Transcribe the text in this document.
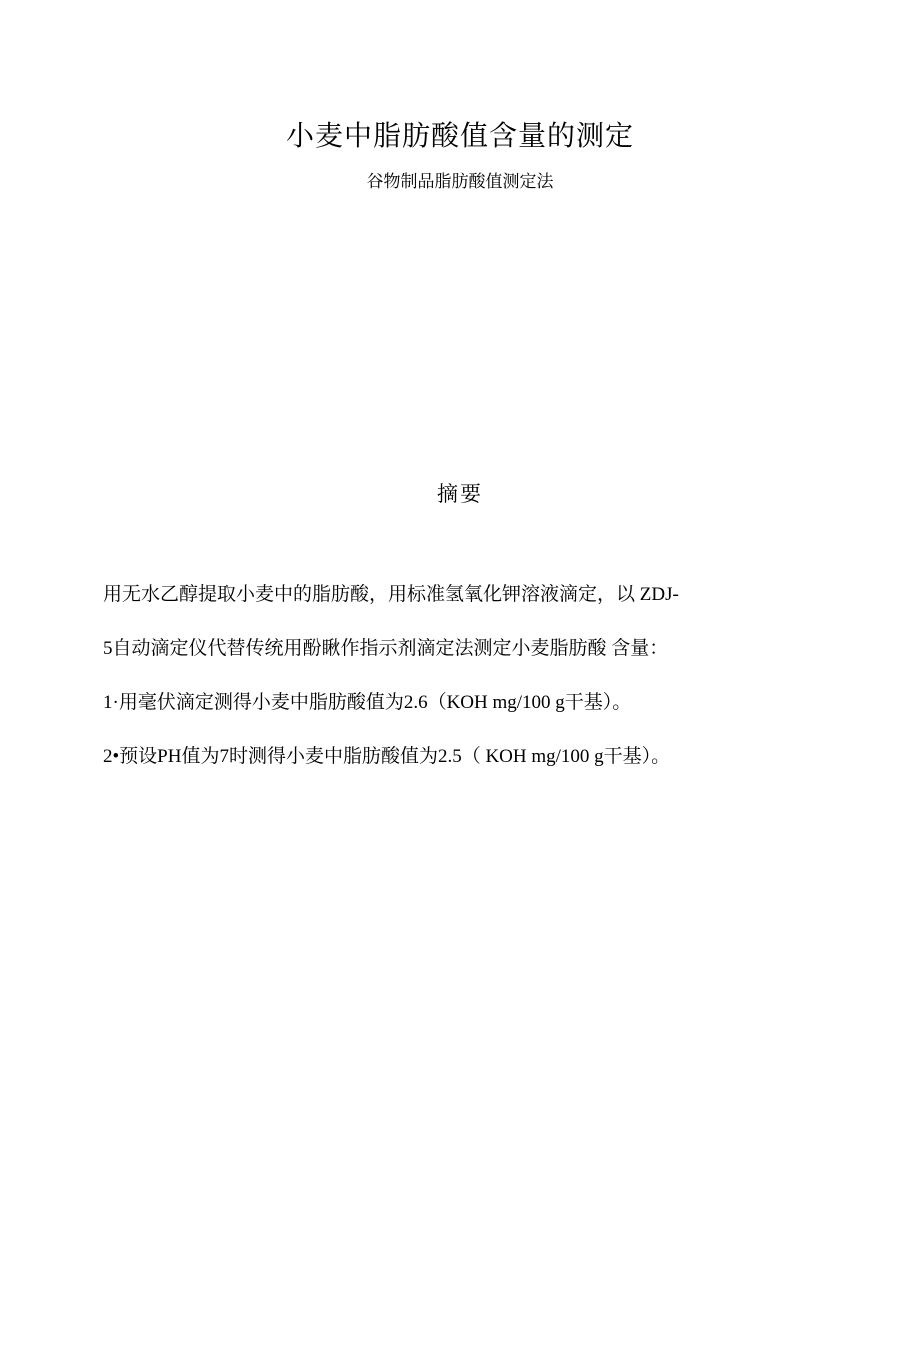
小麦中脂肪酸值含量的测定
谷物制品脂肪酸值测定法
摘要
用无水乙醇提取小麦中的脂肪酸，用标准氢氧化钾溶液滴定，以 ZDJ-
5自动滴定仪代替传统用酚瞅作指示剂滴定法测定小麦脂肪酸 含量：
1·用毫伏滴定测得小麦中脂肪酸值为2.6（KOH mg/100 g干基）。
2•预设PH值为7时测得小麦中脂肪酸值为2.5（ KOH mg/100 g干基）。
